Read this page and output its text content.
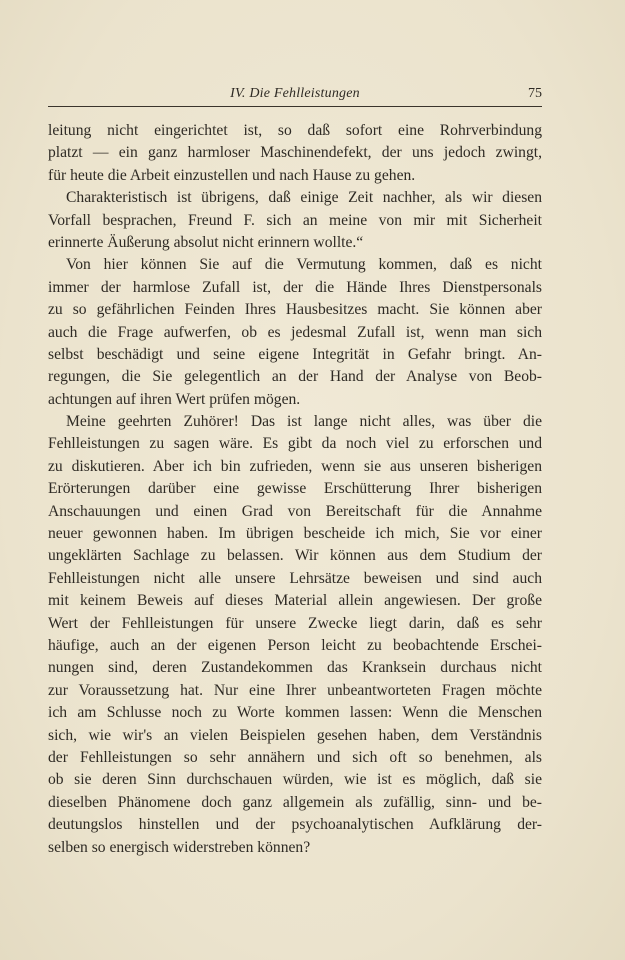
IV. Die Fehlleistungen	75
leitung nicht eingerichtet ist, so daß sofort eine Rohrverbindung
platzt — ein ganz harmloser Maschinendefekt, der uns jedoch zwingt,
für heute die Arbeit einzustellen und nach Hause zu gehen.
Charakteristisch ist übrigens, daß einige Zeit nachher, als wir diesen
Vorfall besprachen, Freund F. sich an meine von mir mit Sicherheit
erinnerte Äußerung absolut nicht erinnern wollte.“
Von hier können Sie auf die Vermutung kommen, daß es nicht
immer der harmlose Zufall ist, der die Hände Ihres Dienstpersonals
zu so gefährlichen Feinden Ihres Hausbesitzes macht. Sie können aber
auch die Frage aufwerfen, ob es jedesmal Zufall ist, wenn man sich
selbst beschädigt und seine eigene Integrität in Gefahr bringt. An-
regungen, die Sie gelegentlich an der Hand der Analyse von Beob-
achtungen auf ihren Wert prüfen mögen.
Meine geehrten Zuhörer! Das ist lange nicht alles, was über die
Fehlleistungen zu sagen wäre. Es gibt da noch viel zu erforschen und
zu diskutieren. Aber ich bin zufrieden, wenn sie aus unseren bisherigen
Erörterungen darüber eine gewisse Erschütterung Ihrer bisherigen
Anschauungen und einen Grad von Bereitschaft für die Annahme
neuer gewonnen haben. Im übrigen bescheide ich mich, Sie vor einer
ungeklärten Sachlage zu belassen. Wir können aus dem Studium der
Fehlleistungen nicht alle unsere Lehrsätze beweisen und sind auch
mit keinem Beweis auf dieses Material allein angewiesen. Der große
Wert der Fehlleistungen für unsere Zwecke liegt darin, daß es sehr
häufige, auch an der eigenen Person leicht zu beobachtende Erschei-
nungen sind, deren Zustandekommen das Kranksein durchaus nicht
zur Voraussetzung hat. Nur eine Ihrer unbeantworteten Fragen möchte
ich am Schlusse noch zu Worte kommen lassen: Wenn die Menschen
sich, wie wir's an vielen Beispielen gesehen haben, dem Verständnis
der Fehlleistungen so sehr annähern und sich oft so benehmen, als
ob sie deren Sinn durchschauen würden, wie ist es möglich, daß sie
dieselben Phänomene doch ganz allgemein als zufällig, sinn- und be-
deutungslos hinstellen und der psychoanalytischen Aufklärung der-
selben so energisch widerstreben können?
